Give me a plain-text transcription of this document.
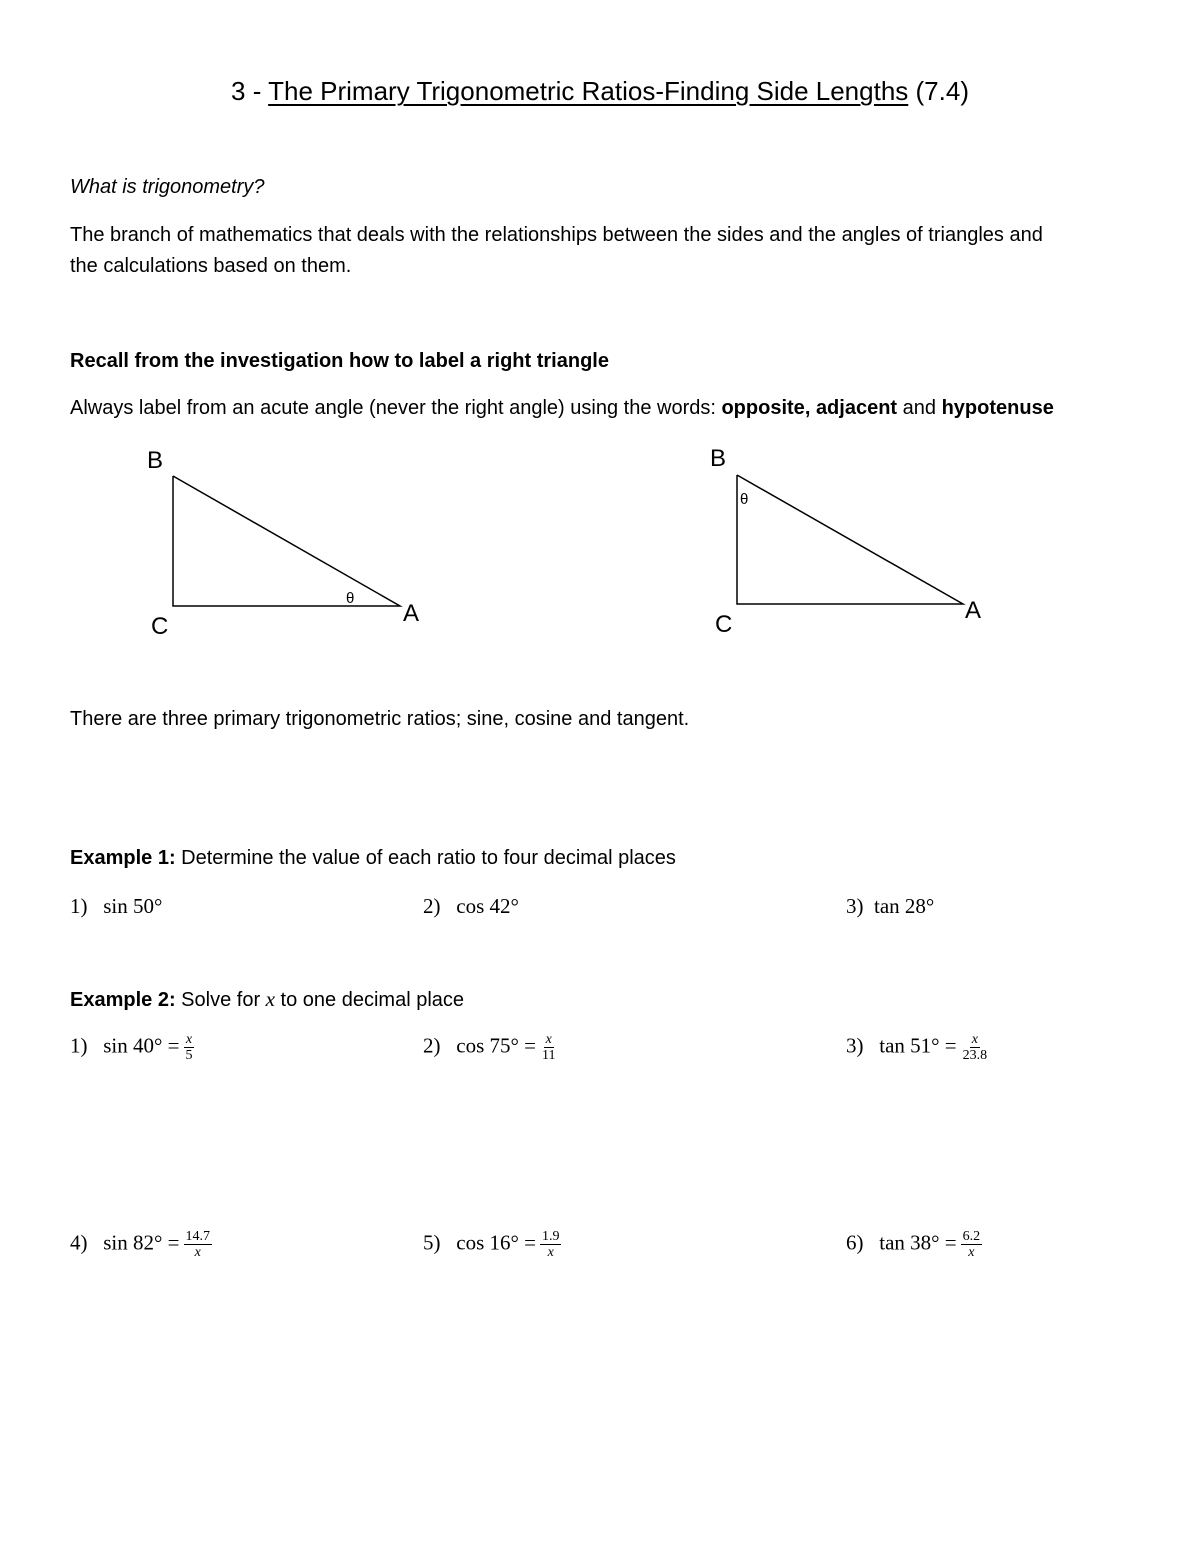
3 - The Primary Trigonometric Ratios-Finding Side Lengths (7.4)
What is trigonometry?
The branch of mathematics that deals with the relationships between the sides and the angles of triangles and
the calculations based on them.
Recall from the investigation how to label a right triangle
Always label from an acute angle (never the right angle) using the words: opposite, adjacent and hypotenuse
B
C	A
θ
B
C
A
θ
There are three primary trigonometric ratios; sine, cosine and tangent.
Example 1: Determine the value of each ratio to four decimal places
1) sin 50°	2) cos 42°	3) tan 28°
Example 2: Solve for x to one decimal place
1) $\sin 40^\circ = \frac{x}{5}$	2) $\cos 75^\circ = \frac{x}{11}$	3) $\tan 51^\circ = \frac{x}{23.8}$
4) $\sin 82^\circ = \frac{14.7}{x}$	5) $\cos 16^\circ = \frac{1.9}{x}$	6) $\tan 38^\circ = \frac{6.2}{x}$
